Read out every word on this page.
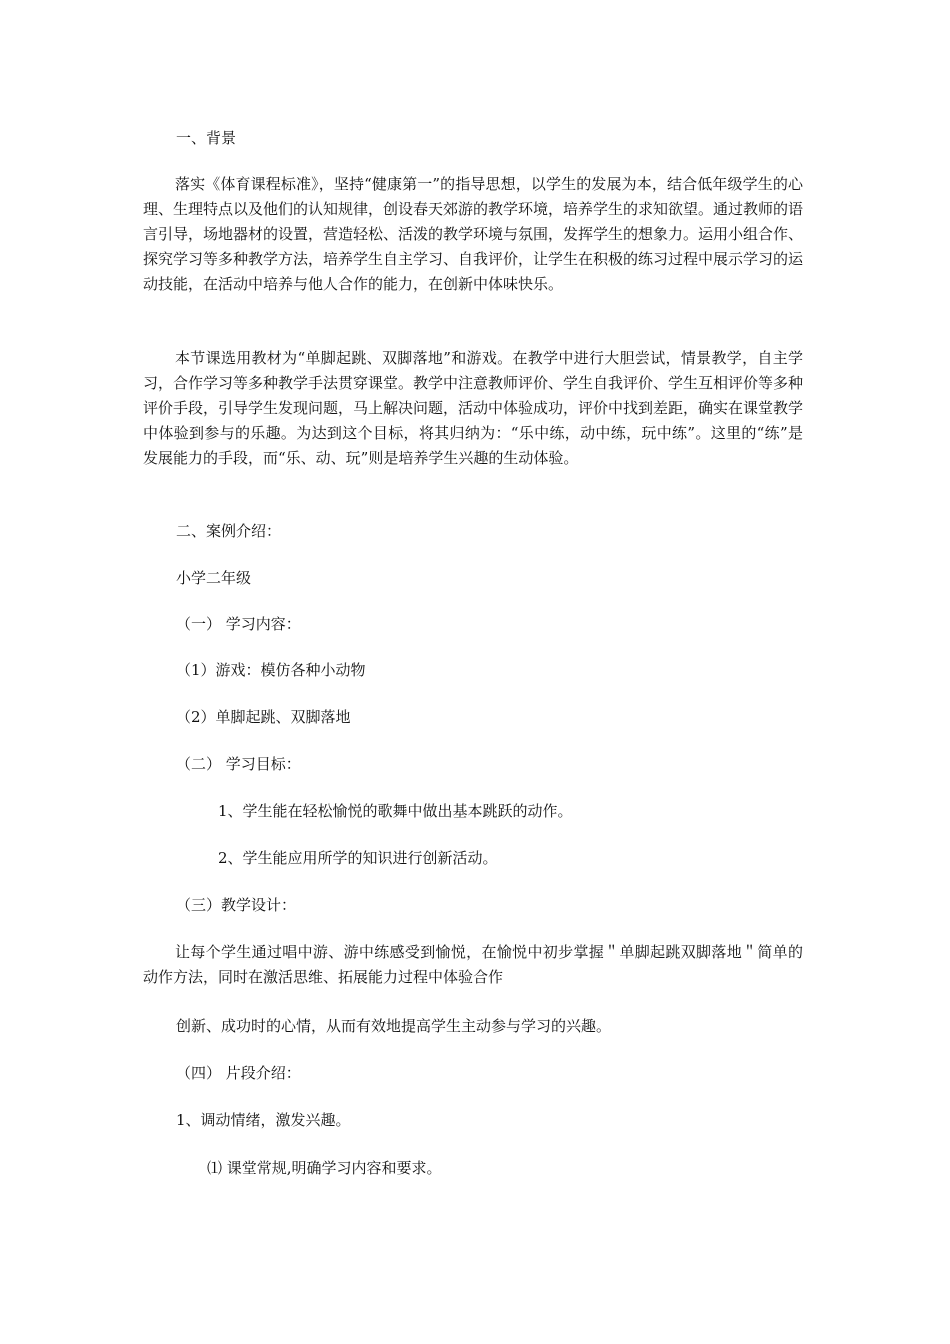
一、背景
落实《体育课程标准》，坚持“健康第一”的指导思想，以学生的发展为本，结合低年级学生的心理、生理特点以及他们的认知规律，创设春天郊游的教学环境，培养学生的求知欲望。通过教师的语言引导，场地器材的设置，营造轻松、活泼的教学环境与氛围，发挥学生的想象力。运用小组合作、探究学习等多种教学方法，培养学生自主学习、自我评价，让学生在积极的练习过程中展示学习的运动技能，在活动中培养与他人合作的能力，在创新中体味快乐。
本节课选用教材为“单脚起跳、双脚落地”和游戏。在教学中进行大胆尝试，情景教学，自主学习，合作学习等多种教学手法贯穿课堂。教学中注意教师评价、学生自我评价、学生互相评价等多种评价手段，引导学生发现问题，马上解决问题，活动中体验成功，评价中找到差距，确实在课堂教学中体验到参与的乐趣。为达到这个目标，将其归纳为：“乐中练，动中练，玩中练”。这里的“练”是发展能力的手段，而“乐、动、玩”则是培养学生兴趣的生动体验。
二、案例介绍：
小学二年级
（一） 学习内容：
（1）游戏：模仿各种小动物
（2）单脚起跳、双脚落地
（二） 学习目标：
1、学生能在轻松愉悦的歌舞中做出基本跳跃的动作。
2、学生能应用所学的知识进行创新活动。
（三）教学设计：
让每个学生通过唱中游、游中练感受到愉悦，在愉悦中初步掌握＂单脚起跳双脚落地＂简单的动作方法，同时在激活思维、拓展能力过程中体验合作
创新、成功时的心情，从而有效地提高学生主动参与学习的兴趣。
（四） 片段介绍：
1、调动情绪，激发兴趣。
⑴ 课堂常规,明确学习内容和要求。
